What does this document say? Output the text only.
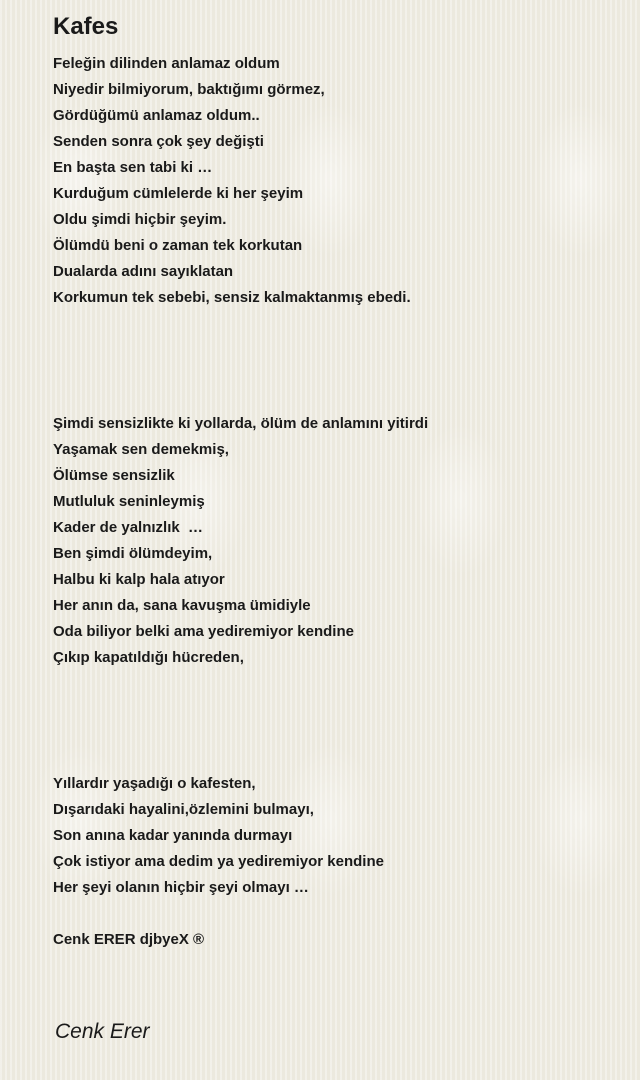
Kafes
Feleğin dilinden anlamaz oldum
Niyedir bilmiyorum, baktığımı görmez,
Gördüğümü anlamaz oldum..
Senden sonra çok şey değişti
En başta sen tabi ki …
Kurduğum cümlelerde ki her şeyim
Oldu şimdi hiçbir şeyim.
Ölümdü beni o zaman tek korkutan
Dualarda adını sayıklatan
Korkumun tek sebebi, sensiz kalmaktanmış ebedi.
Şimdi sensizlikte ki yollarda, ölüm de anlamını yitirdi
Yaşamak sen demekmiş,
Ölümse sensizlik
Mutluluk seninleymiş
Kader de yalnızlık  …
Ben şimdi ölümdeyim,
Halbu ki kalp hala atıyor
Her anın da, sana kavuşma ümidiyle
Oda biliyor belki ama yediremiyor kendine
Çıkıp kapatıldığı hücreden,
Yıllardır yaşadığı o kafesten,
Dışarıdaki hayalini,özlemini bulmayı,
Son anına kadar yanında durmayı
Çok istiyor ama dedim ya yediremiyor kendine
Her şeyi olanın hiçbir şeyi olmayı …

Cenk ERER djbyeX ®

Cenk Erer
